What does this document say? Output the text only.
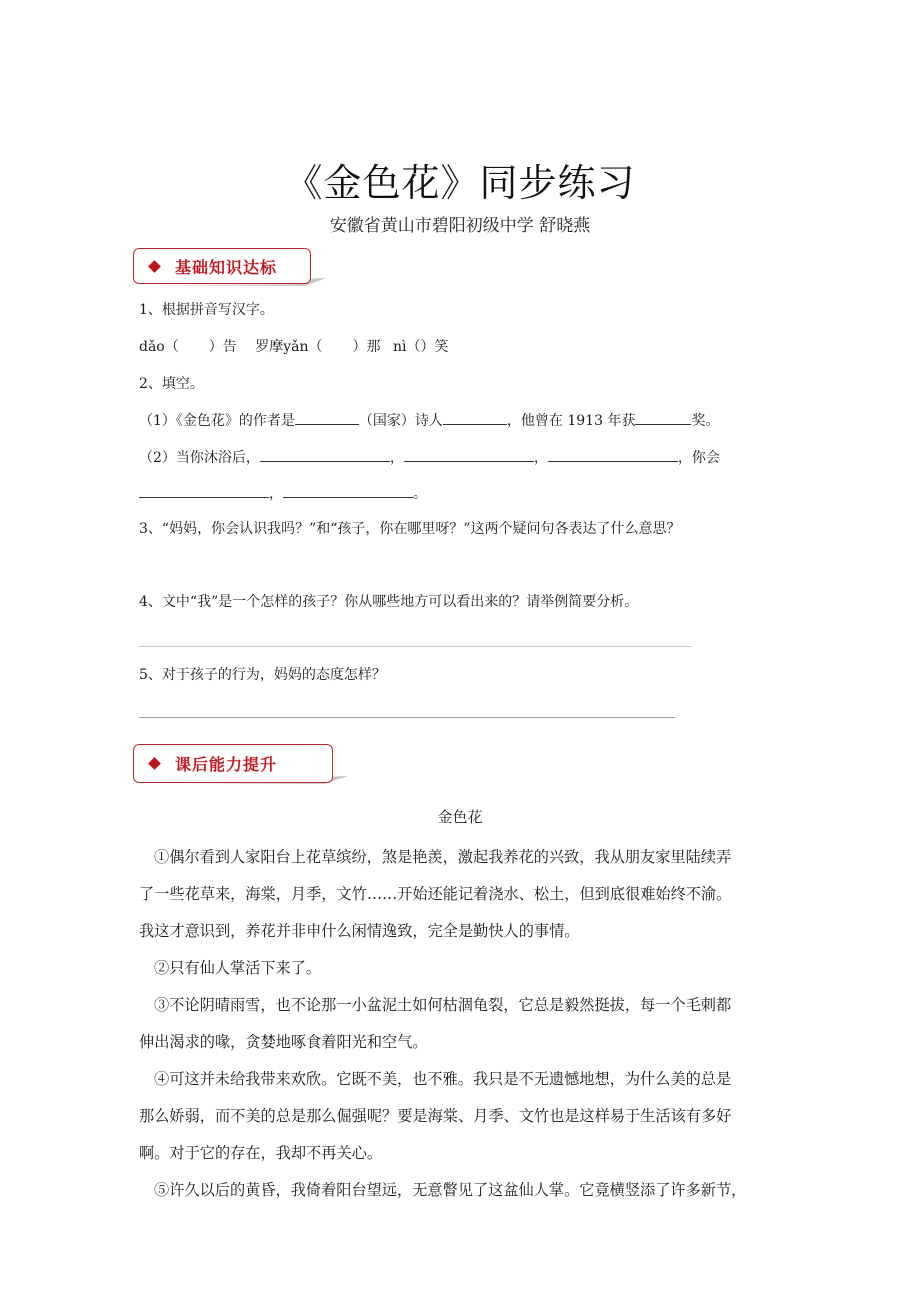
《金色花》同步练习
安徽省黄山市碧阳初级中学 舒晓燕
基础知识达标
1、根据拼音写汉字。
dǎo（ ）告 罗摩yǎn（ ）那 nì（）笑
2、填空。
（1）《金色花》的作者是	（国家）诗人	，他曾在 1913 年获	奖。
（2）当你沐浴后，	，	，	，你会
，	。
3、“妈妈，你会认识我吗？”和“孩子，你在哪里呀？”这两个疑问句各表达了什么意思？
4、文中“我”是一个怎样的孩子？你从哪些地方可以看出来的？请举例简要分析。
5、对于孩子的行为，妈妈的态度怎样？
课后能力提升
金色花
①偶尔看到人家阳台上花草缤纷，煞是艳羡，激起我养花的兴致，我从朋友家里陆续弄
了一些花草来，海棠，月季，文竹……开始还能记着浇水、松土，但到底很难始终不渝。
我这才意识到，养花并非申什么闲情逸致，完全是勤快人的事情。
②只有仙人掌活下来了。
③不论阴晴雨雪，也不论那一小盆泥土如何枯涸龟裂，它总是毅然挺拔，每一个毛刺都
伸出渴求的喙，贪婪地啄食着阳光和空气。
④可这并未给我带来欢欣。它既不美，也不雅。我只是不无遗憾地想，为什么美的总是
那么娇弱，而不美的总是那么倔强呢？要是海棠、月季、文竹也是这样易于生活该有多好
啊。对于它的存在，我却不再关心。
⑤许久以后的黄昏，我倚着阳台望远，无意瞥见了这盆仙人掌。它竟横竖添了许多新节，
